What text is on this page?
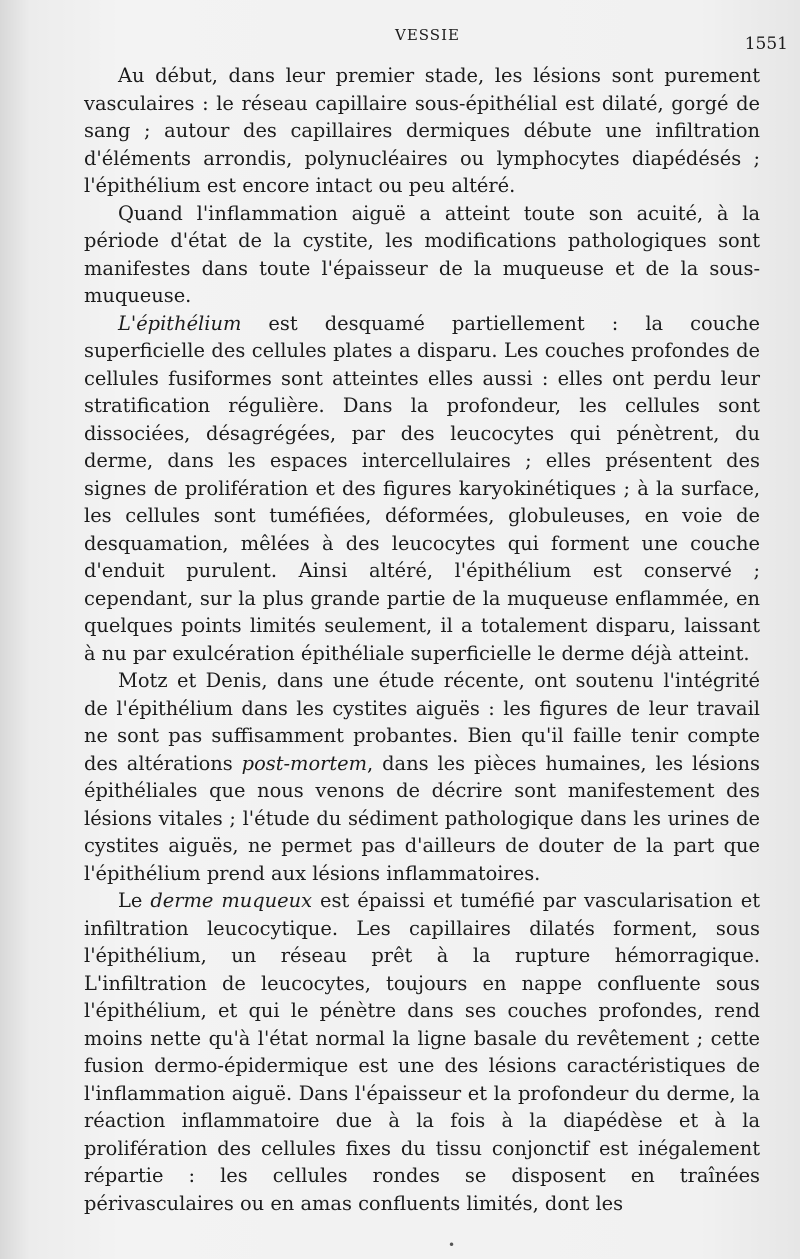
VESSIE	1551

Au début, dans leur premier stade, les lésions sont purement vasculaires : le réseau capillaire sous-épithélial est dilaté, gorgé de sang ; autour des capillaires dermiques débute une infiltration d'éléments arrondis, polynucléaires ou lymphocytes diapédésés ; l'épithélium est encore intact ou peu altéré.

Quand l'inflammation aiguë a atteint toute son acuité, à la période d'état de la cystite, les modifications pathologiques sont manifestes dans toute l'épaisseur de la muqueuse et de la sous-muqueuse.

L'épithélium est desquamé partiellement : la couche superficielle des cellules plates a disparu. Les couches profondes de cellules fusiformes sont atteintes elles aussi : elles ont perdu leur stratification régulière. Dans la profondeur, les cellules sont dissociées, désagrégées, par des leucocytes qui pénètrent, du derme, dans les espaces intercellulaires ; elles présentent des signes de prolifération et des figures karyokinétiques ; à la surface, les cellules sont tuméfiées, déformées, globuleuses, en voie de desquamation, mêlées à des leucocytes qui forment une couche d'enduit purulent. Ainsi altéré, l'épithélium est conservé ; cependant, sur la plus grande partie de la muqueuse enflammée, en quelques points limités seulement, il a totalement disparu, laissant à nu par exulcération épithéliale superficielle le derme déjà atteint.

Motz et Denis, dans une étude récente, ont soutenu l'intégrité de l'épithélium dans les cystites aiguës : les figures de leur travail ne sont pas suffisamment probantes. Bien qu'il faille tenir compte des altérations post-mortem, dans les pièces humaines, les lésions épithéliales que nous venons de décrire sont manifestement des lésions vitales ; l'étude du sédiment pathologique dans les urines de cystites aiguës, ne permet pas d'ailleurs de douter de la part que l'épithélium prend aux lésions inflammatoires.

Le derme muqueux est épaissi et tuméfié par vascularisation et infiltration leucocytique. Les capillaires dilatés forment, sous l'épithélium, un réseau prêt à la rupture hémorragique. L'infiltration de leucocytes, toujours en nappe confluente sous l'épithélium, et qui le pénètre dans ses couches profondes, rend moins nette qu'à l'état normal la ligne basale du revêtement ; cette fusion dermo-épidermique est une des lésions caractéristiques de l'inflammation aiguë. Dans l'épaisseur et la profondeur du derme, la réaction inflammatoire due à la fois à la diapédèse et à la prolifération des cellules fixes du tissu conjonctif est inégalement répartie : les cellules rondes se disposent en traînées périvasculaires ou en amas confluents limités, dont les

•
